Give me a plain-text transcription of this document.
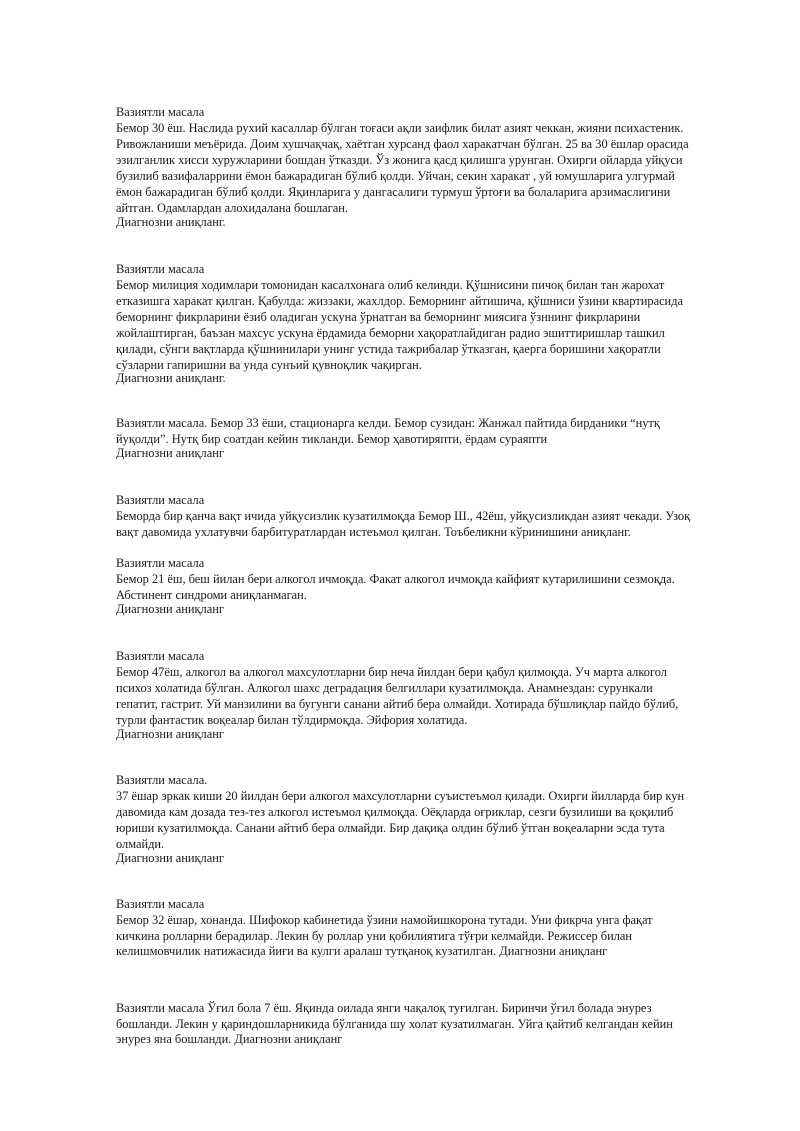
Вазиятли масала
Бемор 30 ёш. Наслида рухий касаллар бўлган тоғаси ақли заифлик билат азият чеккан, жияни психастеник.
Ривожланиши меъёрида. Доим хушчақчақ, хаётган хурсанд фаол харакатчан бўлган. 25 ва 30 ёшлар орасида
эзилганлик хисси хуружларини бошдан ўтказди. Ўз жонига қасд қилишга урунган. Охирги ойларда уйқуси
бузилиб вазифаларрини ёмон бажарадиган бўлиб қолди. Уйчан, секин харакат , уй юмушларига улгурмай
ёмон бажарадиган бўлиб қолди. Яқинларига у дангасалиги турмуш ўртоғи ва болаларига арзимаслигини
айтган. Одамлардан алохидалана бошлаган.
Диагнозни аниқланг.
Вазиятли масала
Бемор милиция ходимлари томонидан касалхонага олиб келинди. Қўшнисини пичоқ билан тан жарохат
етказишга харакат қилган. Қабулда: жиззаки, жахлдор. Беморнинг айтишича, қўшниси ўзини квартирасида
беморнинг фикрларини ёзиб оладиган ускуна ўрнатган ва беморнинг миясига ўзннинг фикрларини
жойлаштирган, баъзан махсус ускуна ёрдамида беморни хақоратлайдиган радио эшиттиришлар ташкил
қилади, сўнги вақтларда қўшнинилари унинг устида тажрибалар ўтказган, қаерга боришини хақоратли
сўзларни гапиришни ва унда сунъий қувноқлик чақирган.
Диагнозни аниқланг.
Вазиятли масала. Бемор 33 ёши, стационарга келди. Бемор сузидан: Жанжал пайтида бирданики “нутқ
йуқолди”. Нутқ бир соатдан кейин тикланди. Бемор ҳавотиряпти, ёрдам сураяпти
Диагнозни аниқланг
Вазиятли масала
Беморда бир қанча вақт ичида уйқусизлик кузатилмоқда Бемор Ш., 42ёш, уйқусизликдан азият чекади. Узоқ
вақт давомида ухлатувчи барбитуратлардан истеъмол қилган. Тоъбеликни кўринишини аниқланг.
Вазиятли масала
Бемор 21 ёш, беш йилан бери алкогол ичмоқда. Факат алкогол ичмоқда кайфият кутарилишини сезмоқда.
Абстинент синдроми аниқланмаган.
Диагнозни аниқланг
Вазиятли масала
Бемор 47ёш, алкогол ва алкогол махсулотларни бир неча йилдан бери қабул қилмоқда. Уч марта алкогол
психоз холатида бўлган. Алкогол шахс деградация белгиллари кузатилмоқда. Анамнездан: сурункали
гепатит, гастрит. Уй манзилини ва бугунги санани айтиб бера олмайди. Хотирада бўшлиқлар пайдо бўлиб,
турли фантастик воқеалар билан тўлдирмоқда. Эйфория холатида.
Диагнозни аниқланг
Вазиятли масала.
37 ёшар эркак киши 20 йилдан бери алкогол махсулотларни суъистеъмол қилади. Охирги йилларда бир кун
давомида кам дозада тез-тез алкогол истеъмол қилмоқда. Оёқларда оғриклар, сезги бузилиши ва қоқилиб
юриши кузатилмоқда. Санани айтиб бера олмайди. Бир дақиқа олдин бўлиб ўтган воқеаларни эсда тута
олмайди.
Диагнозни аниқланг
Вазиятли масала
Бемор 32 ёшар, хонанда. Шифокор кабинетида ўзини намойишкорона тутади. Уни фикрча унга фақат
кичкина ролларни берадилар. Лекин бу роллар уни қобилиятига тўғри келмайди. Режиссер билан
келишмовчилик натижасида йиғи ва кулги аралаш тутқаноқ кузатилган. Диагнозни аниқланг
Вазиятли масала Ўғил бола 7 ёш. Яқинда оилада янги чақалоқ туғилган. Биринчи ўғил болада энурез
бошланди. Лекин у қариндошларникида бўлганида шу холат кузатилмаган. Уйга қайтиб келгандан кейин
энурез яна бошланди. Диагнозни аниқланг
